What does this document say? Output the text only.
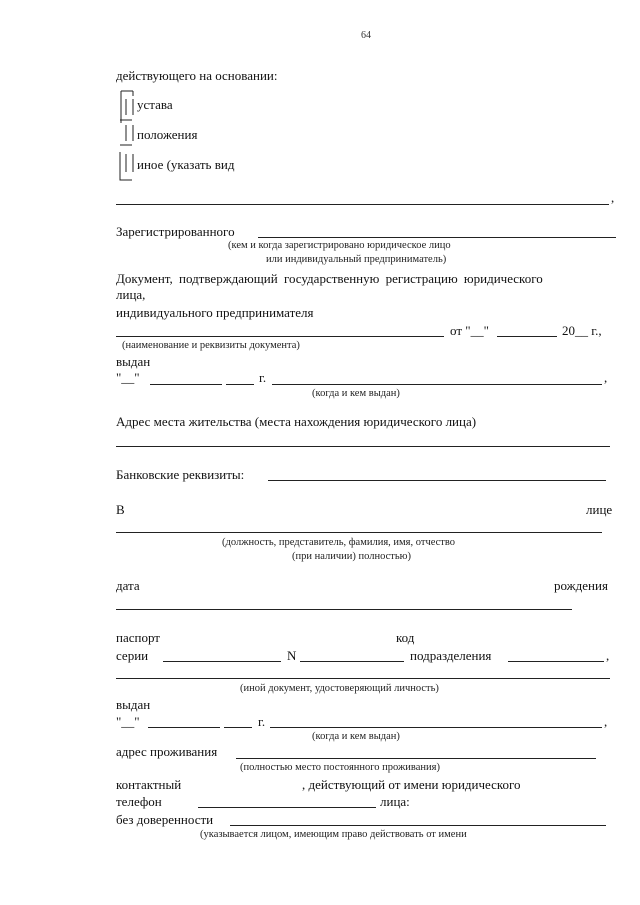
64
действующего на основании:
устава
положения
иное (указать вид
,
Зарегистрированного
(кем и когда зарегистрировано юридическое лицо
или индивидуальный предприниматель)
Документ, подтверждающий государственную регистрацию юридического
лица,
индивидуального предпринимателя
от "__"	20__ г.,
(наименование и реквизиты документа)
выдан
"__"	г.	,
(когда и кем выдан)
Адрес места жительства (места нахождения юридического лица)
Банковские реквизиты:
В	лице
(должность, представитель, фамилия, имя, отчество
(при наличии) полностью)
дата	рождения
паспорт	код
серии	N	подразделения	,
(иной документ, удостоверяющий личность)
выдан
"__"	г.	,
(когда и кем выдан)
адрес проживания
(полностью место постоянного проживания)
контактный	, действующий от имени юридического
телефон	лица:
без доверенности
(указывается лицом, имеющим право действовать от имени
